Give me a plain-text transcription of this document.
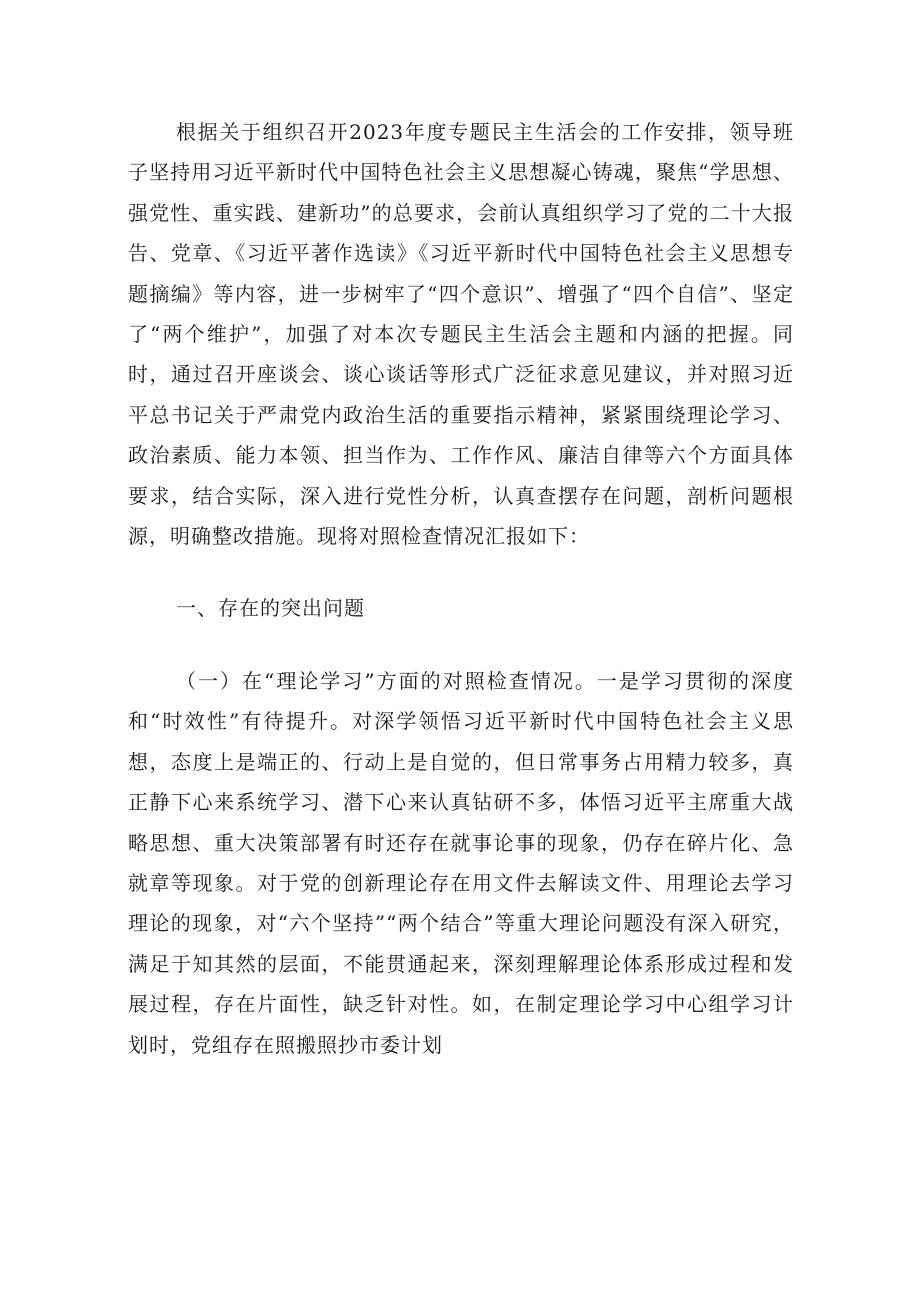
根据关于组织召开2023年度专题民主生活会的工作安排，领导班子坚持用习近平新时代中国特色社会主义思想凝心铸魂，聚焦“学思想、强党性、重实践、建新功”的总要求，会前认真组织学习了党的二十大报告、党章、《习近平著作选读》《习近平新时代中国特色社会主义思想专题摘编》等内容，进一步树牢了“四个意识”、增强了“四个自信”、坚定了“两个维护”，加强了对本次专题民主生活会主题和内涵的把握。同时，通过召开座谈会、谈心谈话等形式广泛征求意见建议，并对照习近平总书记关于严肃党内政治生活的重要指示精神，紧紧围绕理论学习、政治素质、能力本领、担当作为、工作作风、廉洁自律等六个方面具体要求，结合实际，深入进行党性分析，认真查摆存在问题，剖析问题根源，明确整改措施。现将对照检查情况汇报如下：

一、存在的突出问题

（一）在“理论学习”方面的对照检查情况。一是学习贯彻的深度和“时效性”有待提升。对深学领悟习近平新时代中国特色社会主义思想，态度上是端正的、行动上是自觉的，但日常事务占用精力较多，真正静下心来系统学习、潜下心来认真钻研不多，体悟习近平主席重大战略思想、重大决策部署有时还存在就事论事的现象，仍存在碎片化、急就章等现象。对于党的创新理论存在用文件去解读文件、用理论去学习理论的现象，对“六个坚持”“两个结合”等重大理论问题没有深入研究，满足于知其然的层面，不能贯通起来，深刻理解理论体系形成过程和发展过程，存在片面性，缺乏针对性。如，在制定理论学习中心组学习计划时，党组存在照搬照抄市委计划
